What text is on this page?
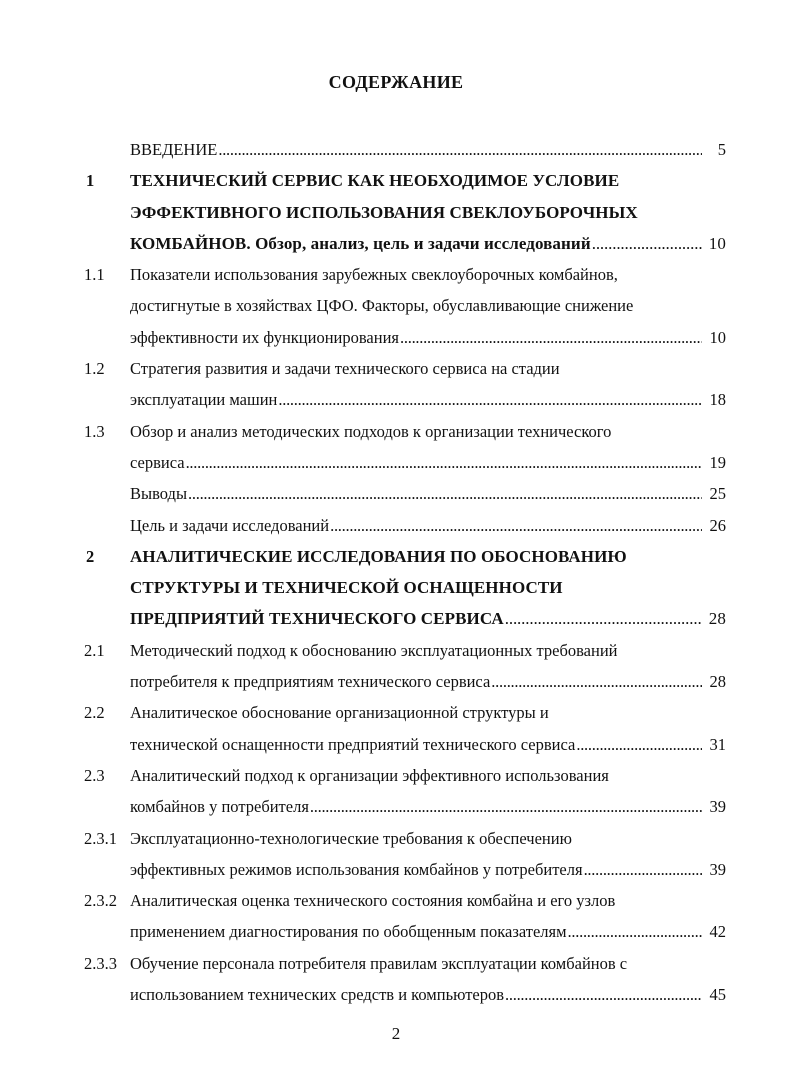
СОДЕРЖАНИЕ
ВВЕДЕНИЕ . . .	5
1	ТЕХНИЧЕСКИЙ СЕРВИС КАК НЕОБХОДИМОЕ УСЛОВИЕ
ЭФФЕКТИВНОГО ИСПОЛЬЗОВАНИЯ СВЕКЛОУБОРОЧНЫХ
КОМБАЙНОВ. Обзор, анализ, цель и задачи исследований . . .	10
1.1	Показатели использования зарубежных свеклоуборочных комбайнов,
достигнутые в хозяйствах ЦФО. Факторы, обуславливающие снижение
эффективности их функционирования . . .	10
1.2	Стратегия развития и задачи технического сервиса на стадии
эксплуатации машин . . .	18
1.3	Обзор и анализ методических подходов к организации технического
сервиса . . .	19
Выводы . . .	25
Цель и задачи исследований . . .	26
2	АНАЛИТИЧЕСКИЕ ИССЛЕДОВАНИЯ ПО ОБОСНОВАНИЮ
СТРУКТУРЫ И ТЕХНИЧЕСКОЙ ОСНАЩЕННОСТИ
ПРЕДПРИЯТИЙ ТЕХНИЧЕСКОГО СЕРВИСА . . .	28
2.1	Методический подход к обоснованию эксплуатационных требований
потребителя к предприятиям технического сервиса . . .	28
2.2	Аналитическое обоснование организационной структуры и
технической оснащенности предприятий технического сервиса . . .	31
2.3	Аналитический подход к организации эффективного использования
комбайнов у потребителя . . .	39
2.3.1 Эксплуатационно-технологические требования к обеспечению
эффективных режимов использования комбайнов у потребителя . . .	39
2.3.2 Аналитическая оценка технического состояния комбайна и его узлов
применением диагностирования по обобщенным показателям . . .	42
2.3.3 Обучение персонала потребителя правилам эксплуатации комбайнов с
использованием технических средств и компьютеров . . .	45
2
